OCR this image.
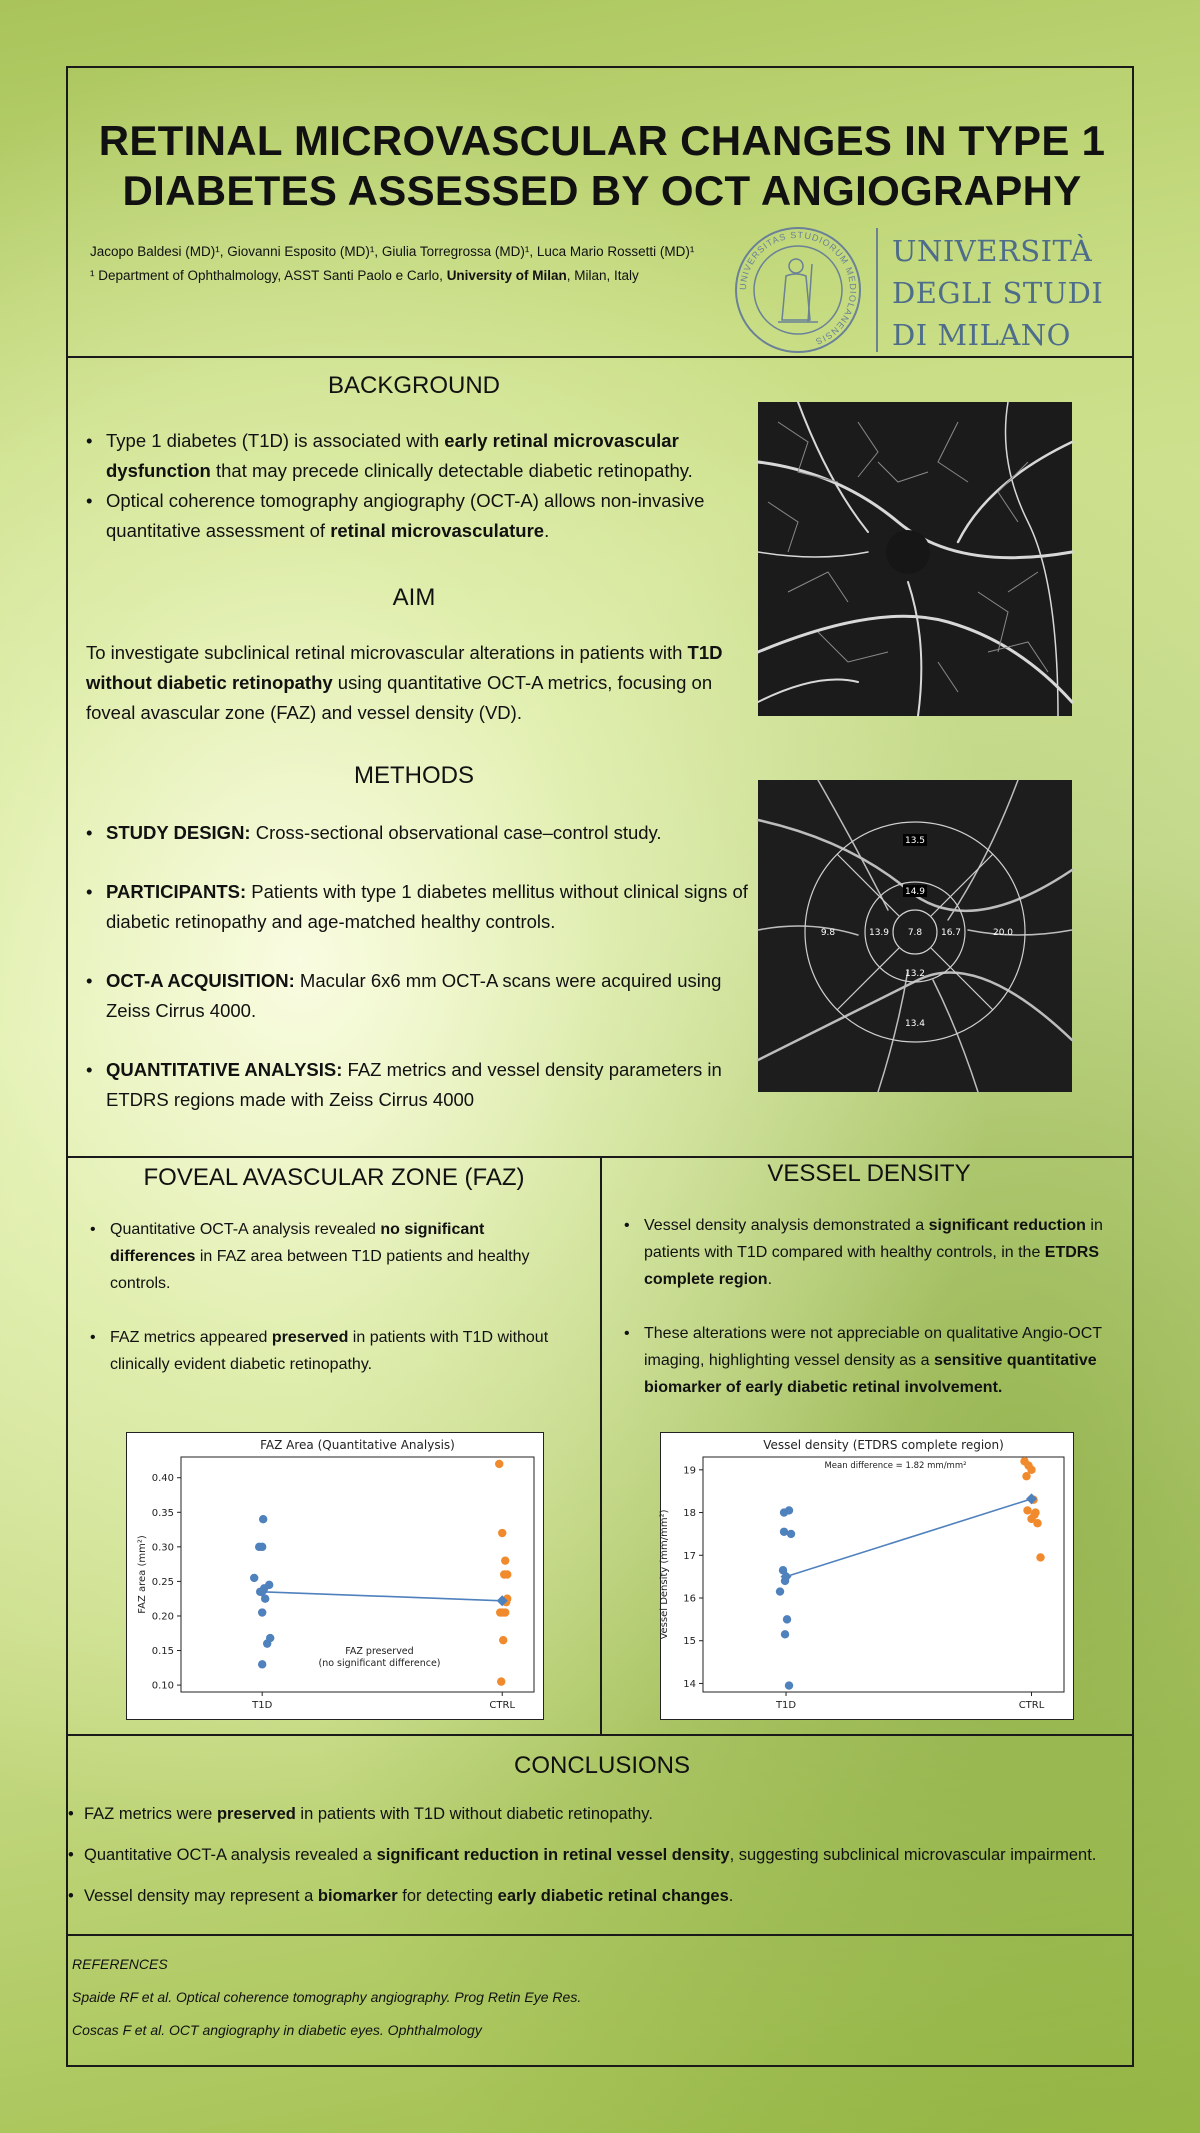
RETINAL MICROVASCULAR CHANGES IN TYPE 1
DIABETES ASSESSED BY OCT ANGIOGRAPHY
Jacopo Baldesi (MD)¹, Giovanni Esposito (MD)¹, Giulia Torregrossa (MD)¹, Luca Mario Rossetti (MD)¹
¹ Department of Ophthalmology, ASST Santi Paolo e Carlo, University of Milan, Milan, Italy
UNIVERSITAS STUDIORUM MEDIOLANENSIS
UNIVERSITÀ
DEGLI STUDI
DI MILANO
BACKGROUND
• Type 1 diabetes (T1D) is associated with early retinal microvascular dysfunction that may precede clinically detectable diabetic retinopathy.
• Optical coherence tomography angiography (OCT-A) allows non-invasive quantitative assessment of retinal microvasculature.
AIM
To investigate subclinical retinal microvascular alterations in patients with T1D without diabetic retinopathy using quantitative OCT-A metrics, focusing on foveal avascular zone (FAZ) and vessel density (VD).
METHODS
• STUDY DESIGN: Cross-sectional observational case–control study.
• PARTICIPANTS: Patients with type 1 diabetes mellitus without clinical signs of diabetic retinopathy and age-matched healthy controls.
• OCT-A ACQUISITION: Macular 6x6 mm OCT-A scans were acquired using Zeiss Cirrus 4000.
• QUANTITATIVE ANALYSIS: FAZ metrics and vessel density parameters in ETDRS regions made with Zeiss Cirrus 4000
13.5
14.9
9.8	13.9 7.8 16.7	20.0
13.2
13.4
FOVEAL AVASCULAR ZONE (FAZ)
• Quantitative OCT-A analysis revealed no significant differences in FAZ area between T1D patients and healthy controls.
• FAZ metrics appeared preserved in patients with T1D without clinically evident diabetic retinopathy.
FAZ Area (Quantitative Analysis)
0.10
0.15
0.20
0.25
0.30
0.35
0.40
T1D	CTRL
FAZ area (mm²)
FAZ preserved
(no significant difference)
VESSEL DENSITY
• Vessel density analysis demonstrated a significant reduction in patients with T1D compared with healthy controls, in the ETDRS complete region.
• These alterations were not appreciable on qualitative Angio-OCT imaging, highlighting vessel density as a sensitive quantitative biomarker of early diabetic retinal involvement.
Vessel density (ETDRS complete region)
14
15
16
17
18
19
T1D	CTRL
Vessel Density (mm/mm²)
Mean difference = 1.82 mm/mm²
CONCLUSIONS
• FAZ metrics were preserved in patients with T1D without diabetic retinopathy.
• Quantitative OCT-A analysis revealed a significant reduction in retinal vessel density, suggesting subclinical microvascular impairment.
• Vessel density may represent a biomarker for detecting early diabetic retinal changes.
REFERENCES
Spaide RF et al. Optical coherence tomography angiography. Prog Retin Eye Res.
Coscas F et al. OCT angiography in diabetic eyes. Ophthalmology
